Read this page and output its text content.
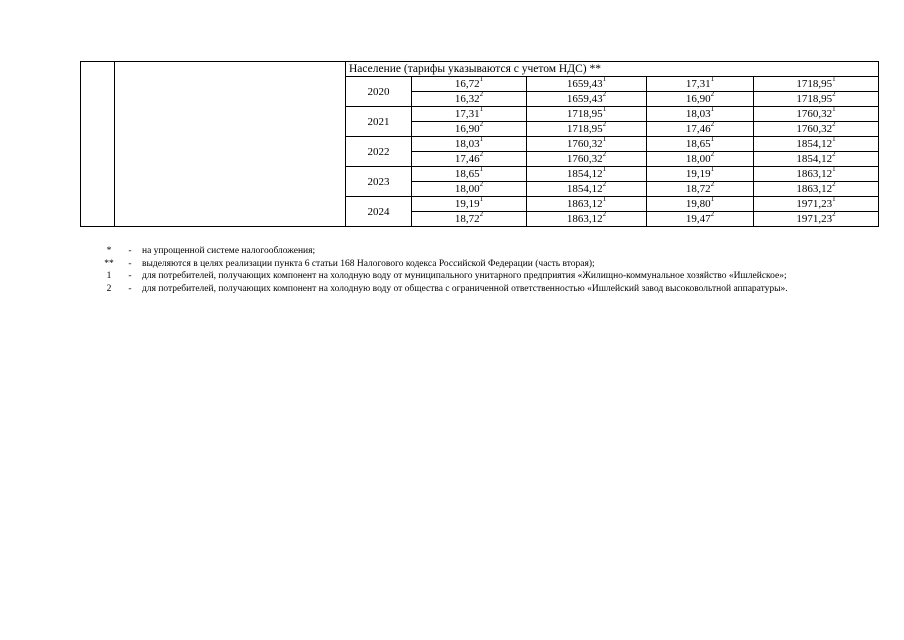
		Население (тарифы указываются с учетом НДС) **				
		2020	16,72$^1$	1659,43$^1$	17,31$^1$	1718,95$^1$
			16,32$^2$	1659,43$^2$	16,90$^2$	1718,95$^2$
		2021	17,31$^1$	1718,95$^1$	18,03$^1$	1760,32$^1$
			16,90$^2$	1718,95$^2$	17,46$^2$	1760,32$^2$
		2022	18,03$^1$	1760,32$^1$	18,65$^1$	1854,12$^1$
			17,46$^2$	1760,32$^2$	18,00$^2$	1854,12$^2$
		2023	18,65$^1$	1854,12$^1$	19,19$^1$	1863,12$^1$
			18,00$^2$	1854,12$^2$	18,72$^2$	1863,12$^2$
		2024	19,19$^1$	1863,12$^1$	19,80$^1$	1971,23$^1$
			18,72$^2$	1863,12$^2$	19,47$^2$	1971,23$^2$
*	-	на упрощенной системе налогообложения;
**	-	выделяются в целях реализации пункта 6 статьи 168 Налогового кодекса Российской Федерации (часть вторая);
1	-	для потребителей, получающих компонент на холодную воду от муниципального унитарного предприятия «Жилищно-коммунальное хозяйство «Ишлейское»;
2	-	для потребителей, получающих компонент на холодную воду от общества с ограниченной ответственностью «Ишлейский завод высоковольтной аппаратуры».
